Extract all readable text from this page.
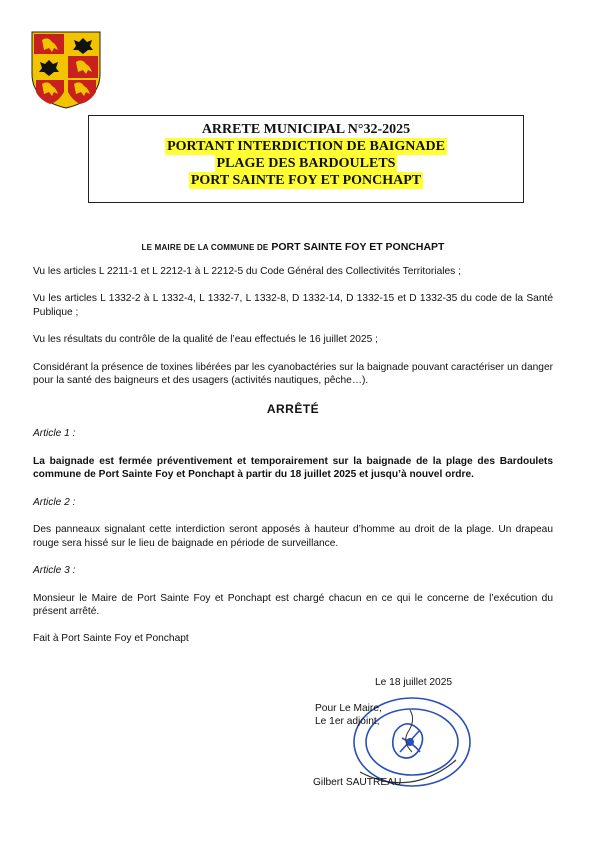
ARRETE MUNICIPAL N°32-2025
PORTANT INTERDICTION DE BAIGNADE
PLAGE DES BARDOULETS
PORT SAINTE FOY ET PONCHAPT

LE MAIRE DE LA COMMUNE DE PORT SAINTE FOY ET PONCHAPT

Vu les articles L 2211-1 et L 2212-1 à L 2212-5 du Code Général des Collectivités Territoriales ;

Vu les articles L 1332-2 à L 1332-4, L 1332-7, L 1332-8, D 1332-14, D 1332-15 et D 1332-35 du code de la Santé Publique ;

Vu les résultats du contrôle de la qualité de l’eau effectués le 16 juillet 2025 ;

Considérant la présence de toxines libérées par les cyanobactéries sur la baignade pouvant caractériser un danger pour la santé des baigneurs et des usagers (activités nautiques, pêche…).

ARRÊTÉ

Article 1 :

La baignade est fermée préventivement et temporairement sur la baignade de la plage des Bardoulets commune de Port Sainte Foy et Ponchapt à partir du 18 juillet 2025 et jusqu’à nouvel ordre.

Article 2 :

Des panneaux signalant cette interdiction seront apposés à hauteur d’homme au droit de la plage. Un drapeau rouge sera hissé sur le lieu de baignade en période de surveillance.

Article 3 :

Monsieur le Maire de Port Sainte Foy et Ponchapt est chargé chacun en ce qui le concerne de l’exécution du présent arrêté.

Fait à Port Sainte Foy et Ponchapt

Le 18 juillet 2025
Pour Le Maire,
Le 1er adjoint,
Gilbert SAUTREAU
